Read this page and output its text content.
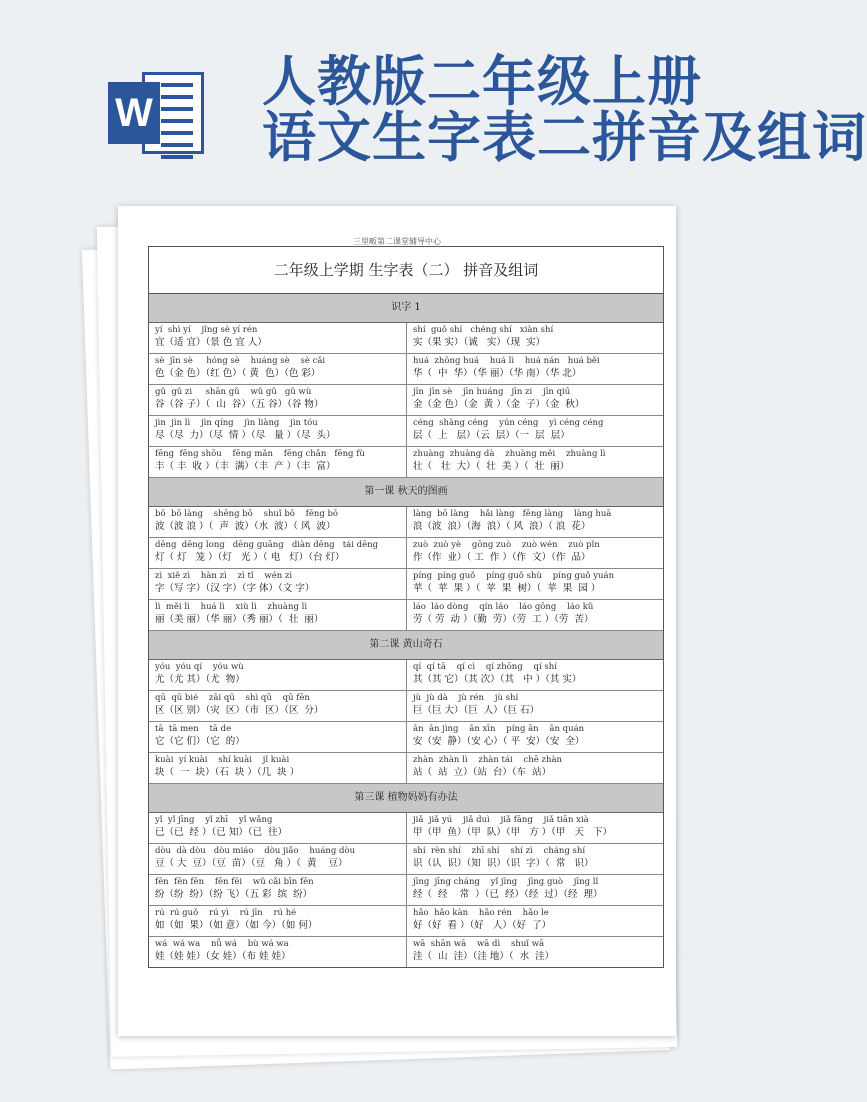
W 人教版二年级上册
语文生字表二拼音及组词
三里畈第二课堂辅导中心
二年级上学期 生字表（二） 拼音及组词
识字 1
yí  shì yí    jǐng sè yí rén
宜（适 宜）（景 色 宜 人）
shí  guǒ shí   chéng shí   xiàn shí
实（果 实）（诚   实）（现  实）
sè  jīn sè     hóng sè    huáng sè    sè cǎi
色（金 色）（红 色）（ 黄  色）（色 彩）
huá  zhōng huá    huá lì    huá nán   huá běi
华（  中  华）（华 丽）（华 南）（华 北）
gǔ  gǔ zi     shān gǔ    wǔ gǔ   gǔ wù
谷（谷 子）（  山  谷）（五 谷）（谷 物）
jīn  jīn sè    jīn huáng   jīn zi    jīn qiū
金（金 色）（金  黄 ）（金  子）（金  秋）
jìn  jìn lì    jìn qíng    jìn liàng    jìn tóu
尽（尽  力）（尽  情 ）（尽   量 ）（尽  头）
céng  shàng céng    yún céng    yì céng céng
层（  上   层）（云  层）（一  层  层）
fēng  fēng shōu    fēng mǎn    fēng chǎn   fēng fù
丰（ 丰  收 ）（丰  满）（丰  产 ）（丰  富）
zhuàng  zhuàng dà    zhuàng měi    zhuàng lì
壮（   壮  大）（  壮  美 ）（  壮  丽）
第一课 秋天的图画
bō  bō làng    shēng bō    shuǐ bō    fēng bō
波（波 浪 ）（  声  波）（水  波）（ 风  波）
làng  bō làng    hǎi làng   fēng làng    làng huā
浪（波  浪）（海  浪）（ 风  浪）（ 浪  花）
dēng  dēng long   dēng guāng   diàn dēng   tái dēng
灯（ 灯   笼 ）（灯   光 ）（ 电   灯）（台 灯）
zuò  zuò yè    gōng zuò    zuò wén    zuò pǐn
作（作  业）（ 工  作 ）（作  文）（作  品）
zì  xiě zì    hàn zì    zì tǐ    wén zì
字（写 字）（汉 字）（字 体）（文 字）
píng  píng guǒ    píng guǒ shù    píng guǒ yuán
苹（  苹  果 ）（  苹  果  树）（  苹  果  园 ）
lì  měi lì    huá lì    xiù lì    zhuàng lì
丽（美 丽）（华 丽）（秀 丽）（  壮  丽）
láo  láo dòng    qín láo    láo gōng    láo kǔ
劳（ 劳  动 ）（勤  劳）（劳  工 ）（劳  苦）
第二课 黄山奇石
yóu  yóu qí    yóu wù
尤（尤 其）（尤  物）
qí  qí tā    qí cì    qí zhōng    qí shí
其（其 它）（其 次）（其   中 ）（其 实）
qū  qū bié    zāi qū    shì qū    qū fēn
区（区 别）（灾  区）（市  区）（区  分）
jù  jù dà    jù rén    jù shí
巨（巨 大）（巨  人）（巨 石）
tā  tā men    tā de
它（它 们）（它  的）
ān  ān jìng    ān xīn    píng ān    ān quán
安（安  静）（安 心）（ 平  安）（安  全）
kuài  yí kuài    shí kuài    jǐ kuài
块（  一  块）（石  块 ）（几  块 ）
zhàn  zhàn lì    zhàn tái    chē zhàn
站（  站  立）（站  台）（车  站）
第三课 植物妈妈有办法
yǐ  yǐ jīng    yǐ zhī    yǐ wǎng
已（已  经 ）（已 知）（已  往）
jiǎ  jiǎ yú    jiǎ duì    jiǎ fāng    jiǎ tiān xià
甲（甲  鱼）（甲  队）（甲   方 ）（甲   天   下）
dòu  dà dòu   dòu miáo    dòu jiǎo    huáng dòu
豆（ 大  豆）（豆  苗）（豆   角 ）（  黄    豆）
shí  rèn shí    zhī shí    shí zì    cháng shí
识（认  识）（知  识）（识  字）（  常   识）
fēn  fēn fēn    fēn fēi    wǔ cǎi bīn fēn
纷（纷  纷）（纷 飞）（五 彩  缤  纷）
jīng  jīng cháng    yǐ jīng    jīng guò    jīng lǐ
经（  经    常  ）（已  经）（经  过）（经  理）
rú  rú guǒ    rú yì    rú jīn    rú hé
如（如  果）（如 意）（如 今）（如 何）
hǎo  hǎo kàn    hǎo rén    hǎo le
好（好  看 ）（好   人）（好  了）
wá  wá wa    nǚ wá    bù wá wa
娃（娃 娃）（女 娃）（布 娃 娃）
wā  shān wā    wā dì    shuǐ wā
洼（  山  洼）（洼 地）（  水  洼）
